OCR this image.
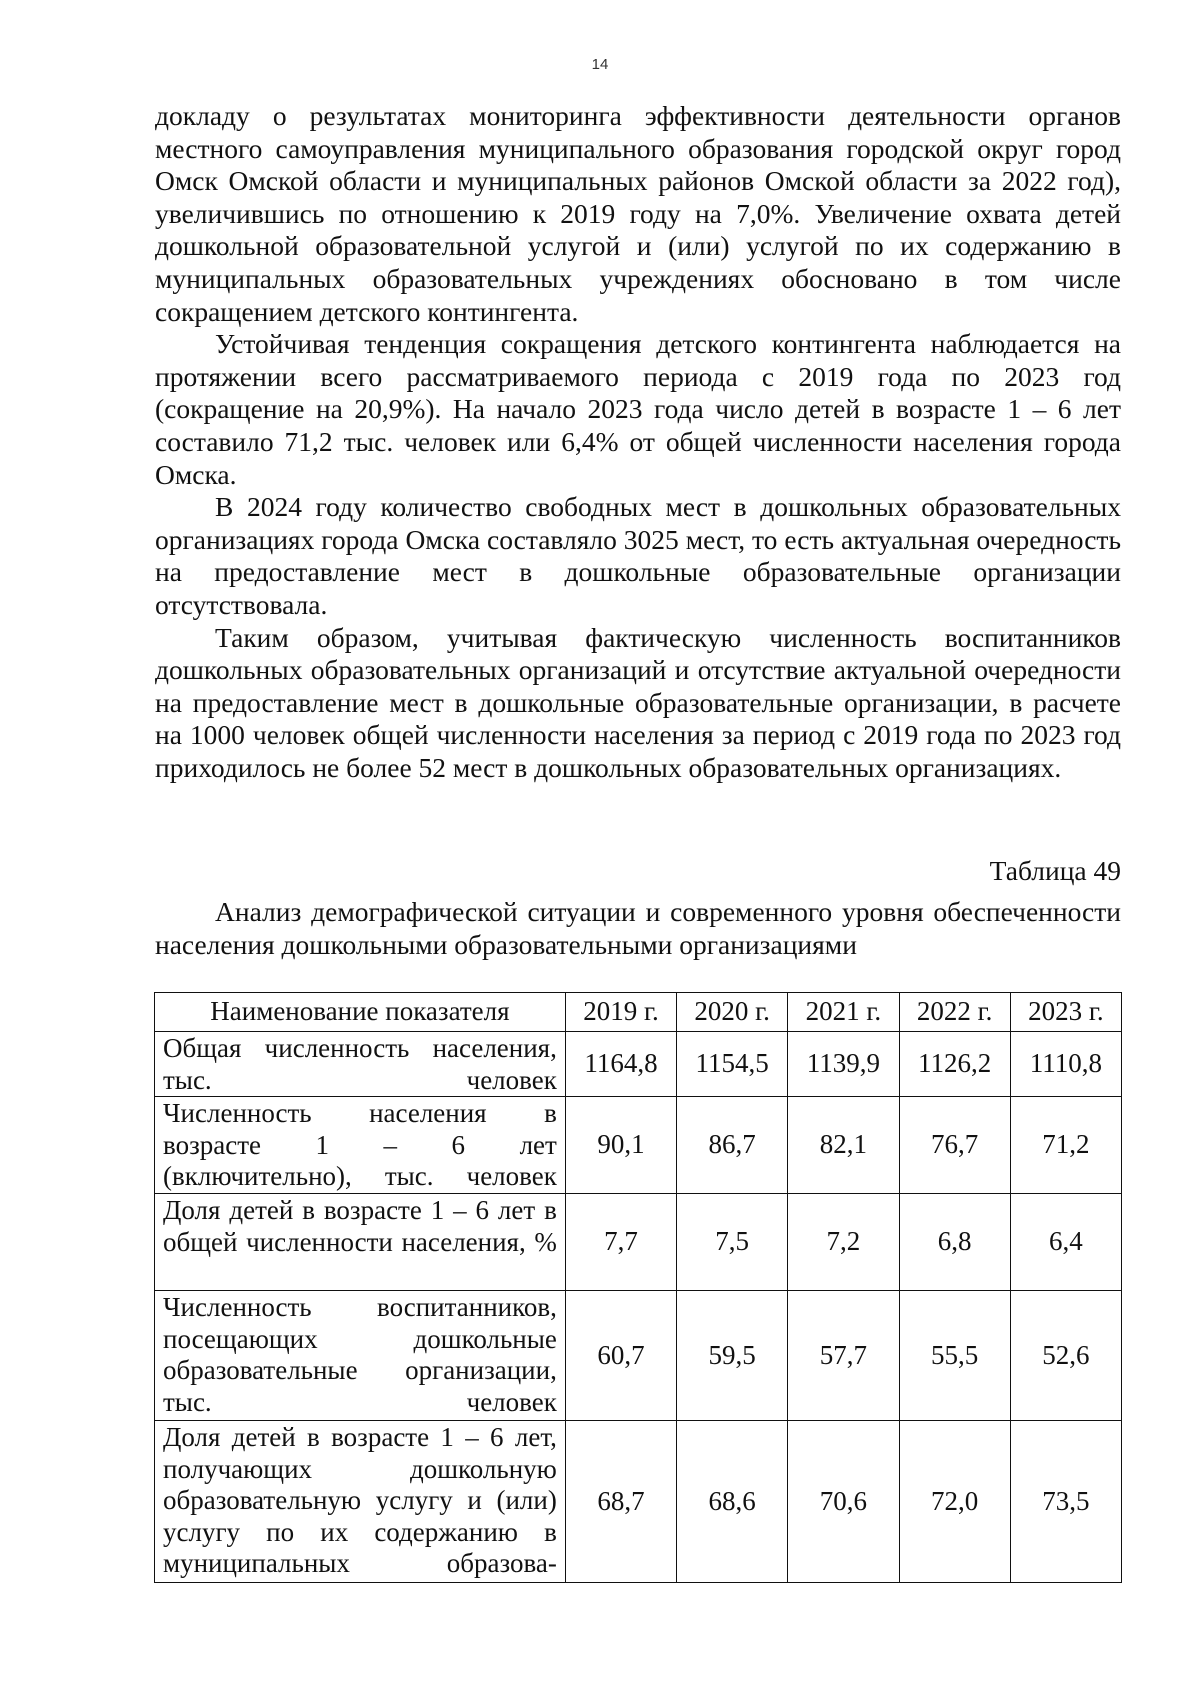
14

докладу о результатах мониторинга эффективности деятельности органов местного самоуправления муниципального образования городской округ город Омск Омской области и муниципальных районов Омской области за 2022 год), увеличившись по отношению к 2019 году на 7,0%. Увеличение охвата детей дошкольной образовательной услугой и (или) услугой по их содержанию в муниципальных образовательных учреждениях обосновано в том числе сокращением детского контингента.

Устойчивая тенденция сокращения детского контингента наблюдается на протяжении всего рассматриваемого периода с 2019 года по 2023 год (сокращение на 20,9%). На начало 2023 года число детей в возрасте 1 – 6 лет составило 71,2 тыс. человек или 6,4% от общей численности населения города Омска.

В 2024 году количество свободных мест в дошкольных образовательных организациях города Омска составляло 3025 мест, то есть актуальная очередность на предоставление мест в дошкольные образовательные организации отсутствовала.

Таким образом, учитывая фактическую численность воспитанников дошкольных образовательных организаций и отсутствие актуальной очередности на предоставление мест в дошкольные образовательные организации, в расчете на 1000 человек общей численности населения за период с 2019 года по 2023 год приходилось не более 52 мест в дошкольных образовательных организациях.

Таблица 49

Анализ демографической ситуации и современного уровня обеспеченности населения дошкольными образовательными организациями

Наименование показателя	2019 г.	2020 г.	2021 г.	2022 г.	2023 г.
Общая численность населения, тыс. человек	1164,8	1154,5	1139,9	1126,2	1110,8
Численность населения в возрасте 1 – 6 лет (включительно), тыс. человек	90,1	86,7	82,1	76,7	71,2
Доля детей в возрасте 1 – 6 лет в общей численности населения, %	7,7	7,5	7,2	6,8	6,4
Численность воспитанников, посещающих дошкольные образовательные организации, тыс. человек	60,7	59,5	57,7	55,5	52,6
Доля детей в возрасте 1 – 6 лет, получающих дошкольную образовательную услугу и (или) услугу по их содержанию в муниципальных образова-	68,7	68,6	70,6	72,0	73,5
